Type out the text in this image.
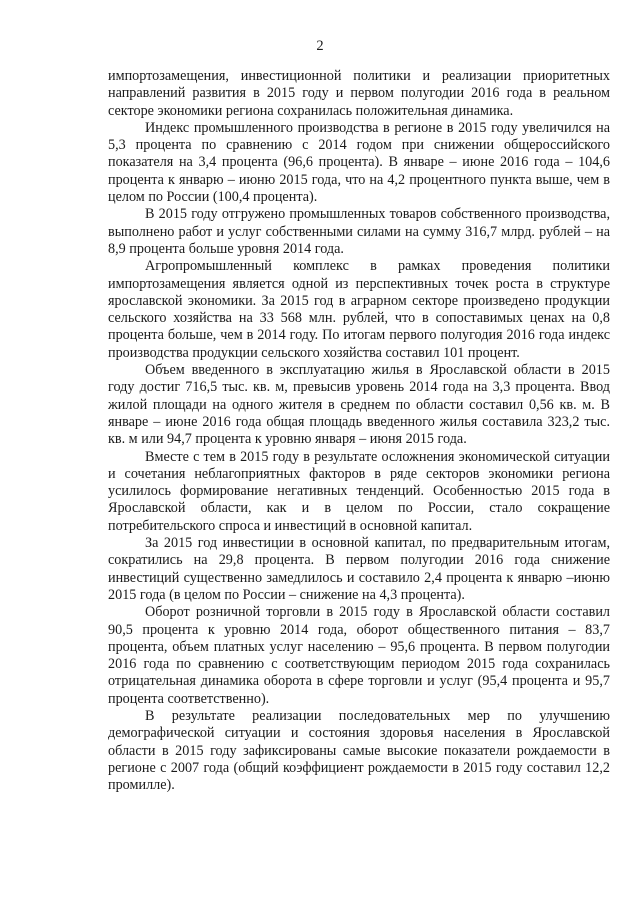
2

импортозамещения, инвестиционной политики и реализации приоритетных направлений развития в 2015 году и первом полугодии 2016 года в реальном секторе экономики региона сохранилась положительная динамика.

Индекс промышленного производства в регионе в 2015 году увеличился на 5,3 процента по сравнению с 2014 годом при снижении общероссийского показателя на 3,4 процента (96,6 процента). В январе – июне 2016 года – 104,6 процента к январю – июню 2015 года, что на 4,2 процентного пункта выше, чем в целом по России (100,4 процента).

В 2015 году отгружено промышленных товаров собственного производства, выполнено работ и услуг собственными силами на сумму 316,7 млрд. рублей – на 8,9 процента больше уровня 2014 года.

Агропромышленный комплекс в рамках проведения политики импортозамещения является одной из перспективных точек роста в структуре ярославской экономики. За 2015 год в аграрном секторе произведено продукции сельского хозяйства на 33 568 млн. рублей, что в сопоставимых ценах на 0,8 процента больше, чем в 2014 году. По итогам первого полугодия 2016 года индекс производства продукции сельского хозяйства составил 101 процент.

Объем введенного в эксплуатацию жилья в Ярославской области в 2015 году достиг 716,5 тыс. кв. м, превысив уровень 2014 года на 3,3 процента. Ввод жилой площади на одного жителя в среднем по области составил 0,56 кв. м. В январе – июне 2016 года общая площадь введенного жилья составила 323,2 тыс. кв. м или 94,7 процента к уровню января – июня 2015 года.

Вместе с тем в 2015 году в результате осложнения экономической ситуации и сочетания неблагоприятных факторов в ряде секторов экономики региона усилилось формирование негативных тенденций. Особенностью 2015 года в Ярославской области, как и в целом по России, стало сокращение потребительского спроса и инвестиций в основной капитал.

За 2015 год инвестиции в основной капитал, по предварительным итогам, сократились на 29,8 процента. В первом полугодии 2016 года снижение инвестиций существенно замедлилось и составило 2,4 процента к январю –июню 2015 года (в целом по России – снижение на 4,3 процента).

Оборот розничной торговли в 2015 году в Ярославской области составил 90,5 процента к уровню 2014 года, оборот общественного питания – 83,7 процента, объем платных услуг населению – 95,6 процента. В первом полугодии 2016 года по сравнению с соответствующим периодом 2015 года сохранилась отрицательная динамика оборота в сфере торговли и услуг (95,4 процента и 95,7 процента соответственно).

В результате реализации последовательных мер по улучшению демографической ситуации и состояния здоровья населения в Ярославской области в 2015 году зафиксированы самые высокие показатели рождаемости в регионе с 2007 года (общий коэффициент рождаемости в 2015 году составил 12,2 промилле).
